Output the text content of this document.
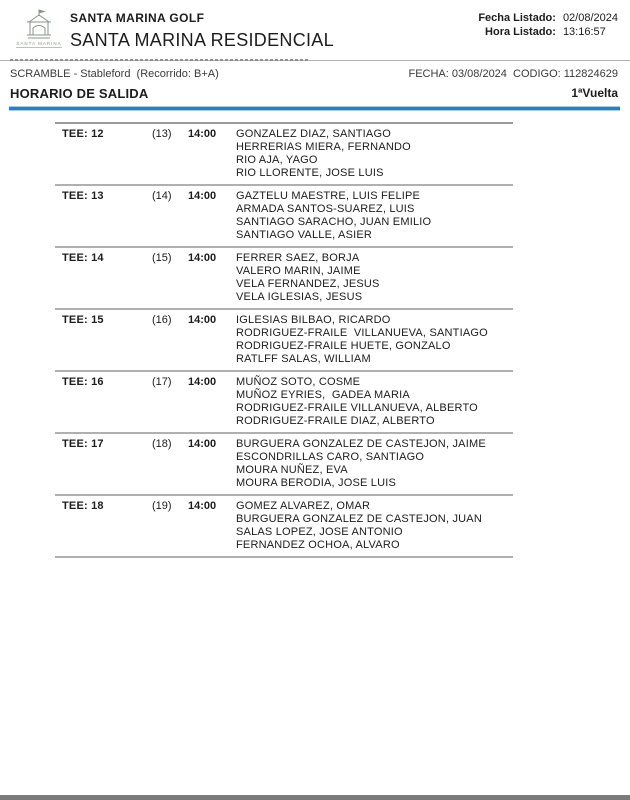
SANTA MARINA
SANTA MARINA GOLF
SANTA MARINA RESIDENCIAL
Fecha Listado: 02/08/2024
Hora Listado: 13:16:57
SCRAMBLE - Stableford  (Recorrido: B+A)	FECHA: 03/08/2024  CODIGO: 112824629
HORARIO DE SALIDA	1ªVuelta
TEE: 12	(13)	14:00	GONZALEZ DIAZ, SANTIAGO
HERRERIAS MIERA, FERNANDO
RIO AJA, YAGO
RIO LLORENTE, JOSE LUIS
TEE: 13	(14)	14:00	GAZTELU MAESTRE, LUIS FELIPE
ARMADA SANTOS-SUAREZ, LUIS
SANTIAGO SARACHO, JUAN EMILIO
SANTIAGO VALLE, ASIER
TEE: 14	(15)	14:00	FERRER SAEZ, BORJA
VALERO MARIN, JAIME
VELA FERNANDEZ, JESUS
VELA IGLESIAS, JESUS
TEE: 15	(16)	14:00	IGLESIAS BILBAO, RICARDO
RODRIGUEZ-FRAILE  VILLANUEVA, SANTIAGO
RODRIGUEZ-FRAILE HUETE, GONZALO
RATLFF SALAS, WILLIAM
TEE: 16	(17)	14:00	MUÑOZ SOTO, COSME
MUÑOZ EYRIES,  GADEA MARIA
RODRIGUEZ-FRAILE VILLANUEVA, ALBERTO
RODRIGUEZ-FRAILE DIAZ, ALBERTO
TEE: 17	(18)	14:00	BURGUERA GONZALEZ DE CASTEJON, JAIME
ESCONDRILLAS CARO, SANTIAGO
MOURA NUÑEZ, EVA
MOURA BERODIA, JOSE LUIS
TEE: 18	(19)	14:00	GOMEZ ALVAREZ, OMAR
BURGUERA GONZALEZ DE CASTEJON, JUAN
SALAS LOPEZ, JOSE ANTONIO
FERNANDEZ OCHOA, ALVARO
